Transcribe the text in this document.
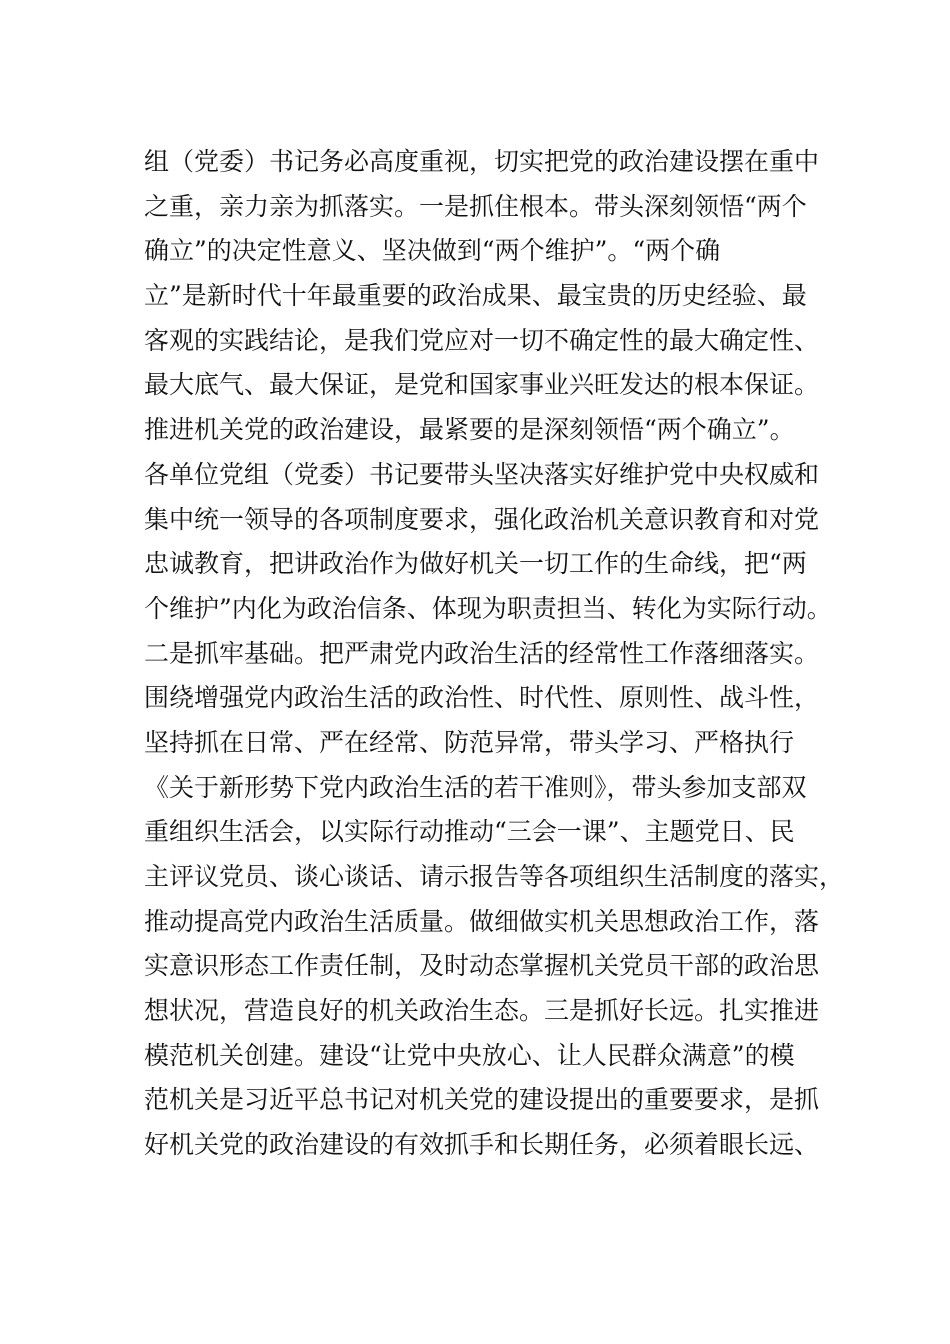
组（党委）书记务必高度重视，切实把党的政治建设摆在重中
之重，亲力亲为抓落实。一是抓住根本。带头深刻领悟“两个
确立”的决定性意义、坚决做到“两个维护”。“两个确
立”是新时代十年最重要的政治成果、最宝贵的历史经验、最
客观的实践结论，是我们党应对一切不确定性的最大确定性、
最大底气、最大保证，是党和国家事业兴旺发达的根本保证。
推进机关党的政治建设，最紧要的是深刻领悟“两个确立”。
各单位党组（党委）书记要带头坚决落实好维护党中央权威和
集中统一领导的各项制度要求，强化政治机关意识教育和对党
忠诚教育，把讲政治作为做好机关一切工作的生命线，把“两
个维护”内化为政治信条、体现为职责担当、转化为实际行动。
二是抓牢基础。把严肃党内政治生活的经常性工作落细落实。
围绕增强党内政治生活的政治性、时代性、原则性、战斗性，
坚持抓在日常、严在经常、防范异常，带头学习、严格执行
《关于新形势下党内政治生活的若干准则》，带头参加支部双
重组织生活会，以实际行动推动“三会一课”、主题党日、民
主评议党员、谈心谈话、请示报告等各项组织生活制度的落实，
推动提高党内政治生活质量。做细做实机关思想政治工作，落
实意识形态工作责任制，及时动态掌握机关党员干部的政治思
想状况，营造良好的机关政治生态。三是抓好长远。扎实推进
模范机关创建。建设“让党中央放心、让人民群众满意”的模
范机关是习近平总书记对机关党的建设提出的重要要求，是抓
好机关党的政治建设的有效抓手和长期任务，必须着眼长远、
